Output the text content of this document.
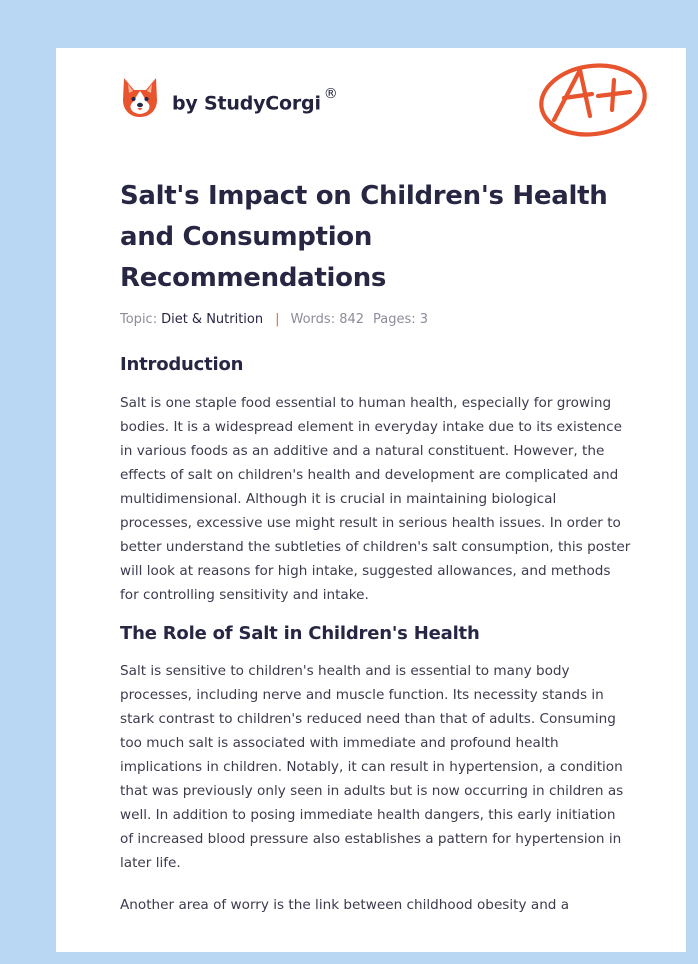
by StudyCorgi ®
Salt's Impact on Children's Health and Consumption Recommendations
Topic: Diet & Nutrition | Words: 842 Pages: 3
Introduction

Salt is one staple food essential to human health, especially for growing bodies. It is a widespread element in everyday intake due to its existence in various foods as an additive and a natural constituent. However, the effects of salt on children's health and development are complicated and multidimensional. Although it is crucial in maintaining biological processes, excessive use might result in serious health issues. In order to better understand the subtleties of children's salt consumption, this poster will look at reasons for high intake, suggested allowances, and methods for controlling sensitivity and intake.

The Role of Salt in Children's Health

Salt is sensitive to children's health and is essential to many body processes, including nerve and muscle function. Its necessity stands in stark contrast to children's reduced need than that of adults. Consuming too much salt is associated with immediate and profound health implications in children. Notably, it can result in hypertension, a condition that was previously only seen in adults but is now occurring in children as well. In addition to posing immediate health dangers, this early initiation of increased blood pressure also establishes a pattern for hypertension in later life.

Another area of worry is the link between childhood obesity and a
